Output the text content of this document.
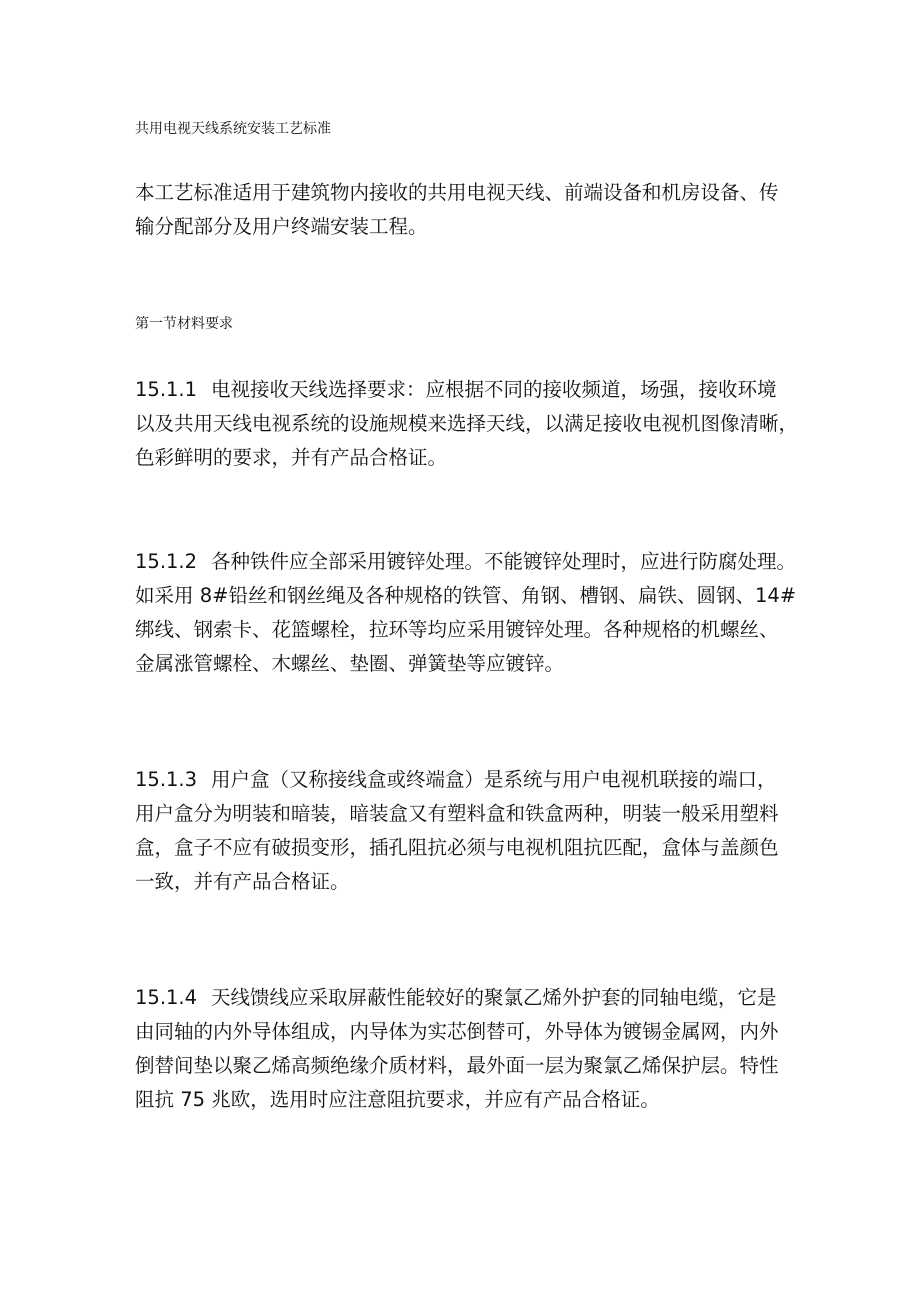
共用电视天线系统安装工艺标准

本工艺标准适用于建筑物内接收的共用电视天线、前端设备和机房设备、传
输分配部分及用户终端安装工程。

第一节材料要求

15.1.1 电视接收天线选择要求：应根据不同的接收频道，场强，接收环境
以及共用天线电视系统的设施规模来选择天线，以满足接收电视机图像清晰，
色彩鲜明的要求，并有产品合格证。

15.1.2 各种铁件应全部采用镀锌处理。不能镀锌处理时，应进行防腐处理。
如采用 8#铅丝和钢丝绳及各种规格的铁管、角钢、槽钢、扁铁、圆钢、14#
绑线、钢索卡、花篮螺栓，拉环等均应采用镀锌处理。各种规格的机螺丝、
金属涨管螺栓、木螺丝、垫圈、弹簧垫等应镀锌。

15.1.3 用户盒（又称接线盒或终端盒）是系统与用户电视机联接的端口，
用户盒分为明装和暗装，暗装盒又有塑料盒和铁盒两种，明装一般采用塑料
盒，盒子不应有破损变形，插孔阻抗必须与电视机阻抗匹配，盒体与盖颜色
一致，并有产品合格证。

15.1.4 天线馈线应采取屏蔽性能较好的聚氯乙烯外护套的同轴电缆，它是
由同轴的内外导体组成，内导体为实芯倒替可，外导体为镀锡金属网，内外
倒替间垫以聚乙烯高频绝缘介质材料，最外面一层为聚氯乙烯保护层。特性
阻抗 75 兆欧，选用时应注意阻抗要求，并应有产品合格证。
